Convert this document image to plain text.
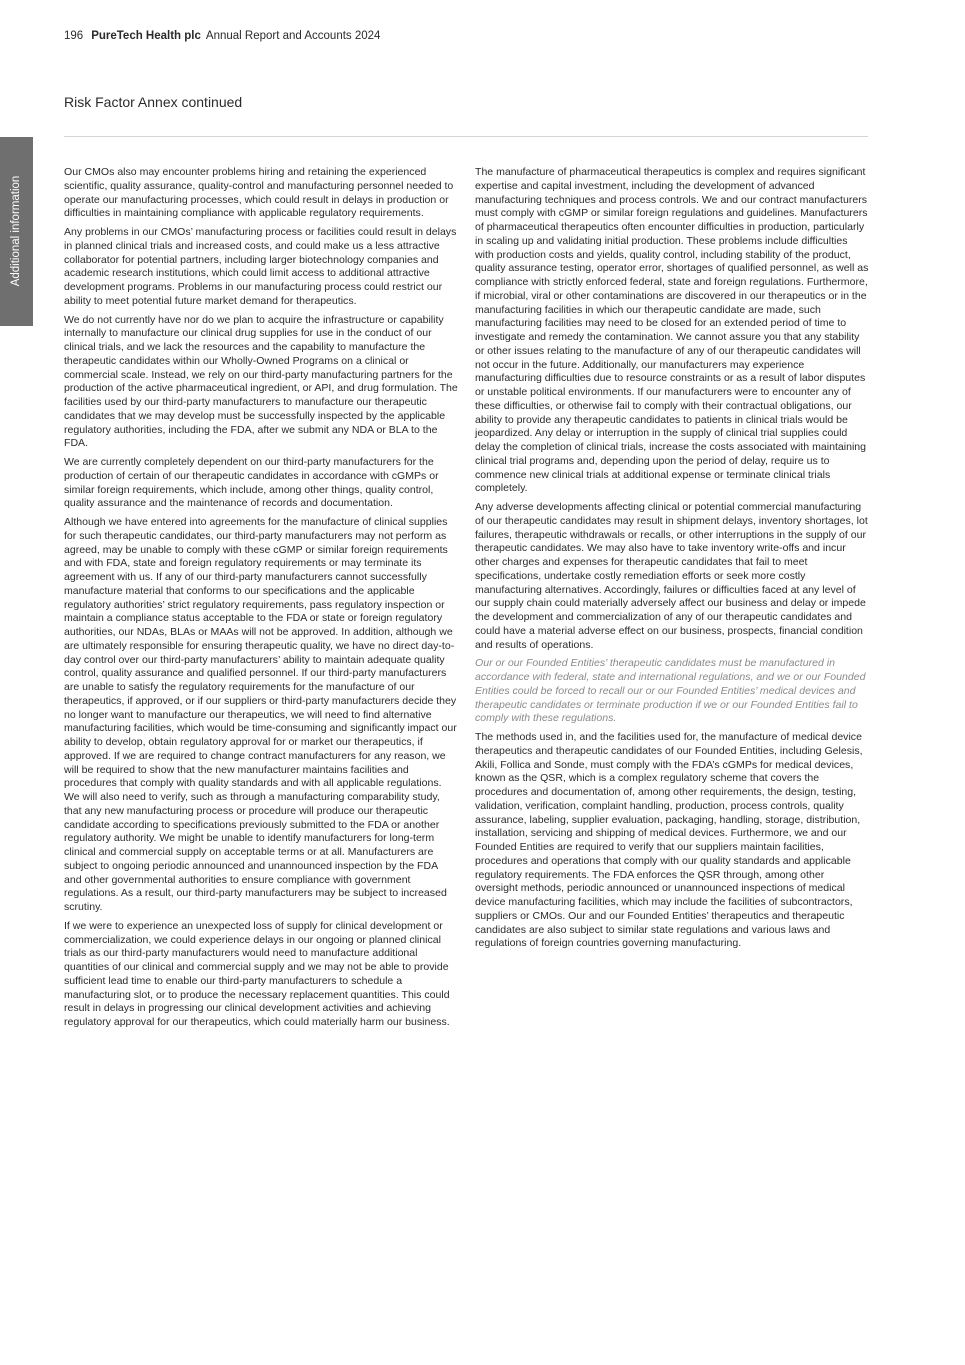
196 PureTech Health plc Annual Report and Accounts 2024
Risk Factor Annex continued
Additional information

Our CMOs also may encounter problems hiring and retaining the experienced scientific, quality assurance, quality-control and manufacturing personnel needed to operate our manufacturing processes, which could result in delays in production or difficulties in maintaining compliance with applicable regulatory requirements.

Any problems in our CMOs’ manufacturing process or facilities could result in delays in planned clinical trials and increased costs, and could make us a less attractive collaborator for potential partners, including larger biotechnology companies and academic research institutions, which could limit access to additional attractive development programs. Problems in our manufacturing process could restrict our ability to meet potential future market demand for therapeutics.

We do not currently have nor do we plan to acquire the infrastructure or capability internally to manufacture our clinical drug supplies for use in the conduct of our clinical trials, and we lack the resources and the capability to manufacture the therapeutic candidates within our Wholly-Owned Programs on a clinical or commercial scale. Instead, we rely on our third-party manufacturing partners for the production of the active pharmaceutical ingredient, or API, and drug formulation. The facilities used by our third-party manufacturers to manufacture our therapeutic candidates that we may develop must be successfully inspected by the applicable regulatory authorities, including the FDA, after we submit any NDA or BLA to the FDA.

We are currently completely dependent on our third-party manufacturers for the production of certain of our therapeutic candidates in accordance with cGMPs or similar foreign requirements, which include, among other things, quality control, quality assurance and the maintenance of records and documentation.

Although we have entered into agreements for the manufacture of clinical supplies for such therapeutic candidates, our third-party manufacturers may not perform as agreed, may be unable to comply with these cGMP or similar foreign requirements and with FDA, state and foreign regulatory requirements or may terminate its agreement with us. If any of our third-party manufacturers cannot successfully manufacture material that conforms to our specifications and the applicable regulatory authorities’ strict regulatory requirements, pass regulatory inspection or maintain a compliance status acceptable to the FDA or state or foreign regulatory authorities, our NDAs, BLAs or MAAs will not be approved. In addition, although we are ultimately responsible for ensuring therapeutic quality, we have no direct day-to-day control over our third-party manufacturers’ ability to maintain adequate quality control, quality assurance and qualified personnel. If our third-party manufacturers are unable to satisfy the regulatory requirements for the manufacture of our therapeutics, if approved, or if our suppliers or third-party manufacturers decide they no longer want to manufacture our therapeutics, we will need to find alternative manufacturing facilities, which would be time-consuming and significantly impact our ability to develop, obtain regulatory approval for or market our therapeutics, if approved. If we are required to change contract manufacturers for any reason, we will be required to show that the new manufacturer maintains facilities and procedures that comply with quality standards and with all applicable regulations. We will also need to verify, such as through a manufacturing comparability study, that any new manufacturing process or procedure will produce our therapeutic candidate according to specifications previously submitted to the FDA or another regulatory authority. We might be unable to identify manufacturers for long-term clinical and commercial supply on acceptable terms or at all. Manufacturers are subject to ongoing periodic announced and unannounced inspection by the FDA and other governmental authorities to ensure compliance with government regulations. As a result, our third-party manufacturers may be subject to increased scrutiny.

If we were to experience an unexpected loss of supply for clinical development or commercialization, we could experience delays in our ongoing or planned clinical trials as our third-party manufacturers would need to manufacture additional quantities of our clinical and commercial supply and we may not be able to provide sufficient lead time to enable our third-party manufacturers to schedule a manufacturing slot, or to produce the necessary replacement quantities. This could result in delays in progressing our clinical development activities and achieving regulatory approval for our therapeutics, which could materially harm our business.

The manufacture of pharmaceutical therapeutics is complex and requires significant expertise and capital investment, including the development of advanced manufacturing techniques and process controls. We and our contract manufacturers must comply with cGMP or similar foreign regulations and guidelines. Manufacturers of pharmaceutical therapeutics often encounter difficulties in production, particularly in scaling up and validating initial production. These problems include difficulties with production costs and yields, quality control, including stability of the product, quality assurance testing, operator error, shortages of qualified personnel, as well as compliance with strictly enforced federal, state and foreign regulations. Furthermore, if microbial, viral or other contaminations are discovered in our therapeutics or in the manufacturing facilities in which our therapeutic candidate are made, such manufacturing facilities may need to be closed for an extended period of time to investigate and remedy the contamination. We cannot assure you that any stability or other issues relating to the manufacture of any of our therapeutic candidates will not occur in the future. Additionally, our manufacturers may experience manufacturing difficulties due to resource constraints or as a result of labor disputes or unstable political environments. If our manufacturers were to encounter any of these difficulties, or otherwise fail to comply with their contractual obligations, our ability to provide any therapeutic candidates to patients in clinical trials would be jeopardized. Any delay or interruption in the supply of clinical trial supplies could delay the completion of clinical trials, increase the costs associated with maintaining clinical trial programs and, depending upon the period of delay, require us to commence new clinical trials at additional expense or terminate clinical trials completely.

Any adverse developments affecting clinical or potential commercial manufacturing of our therapeutic candidates may result in shipment delays, inventory shortages, lot failures, therapeutic withdrawals or recalls, or other interruptions in the supply of our therapeutic candidates. We may also have to take inventory write-offs and incur other charges and expenses for therapeutic candidates that fail to meet specifications, undertake costly remediation efforts or seek more costly manufacturing alternatives. Accordingly, failures or difficulties faced at any level of our supply chain could materially adversely affect our business and delay or impede the development and commercialization of any of our therapeutic candidates and could have a material adverse effect on our business, prospects, financial condition and results of operations.

Our or our Founded Entities’ therapeutic candidates must be manufactured in accordance with federal, state and international regulations, and we or our Founded Entities could be forced to recall our or our Founded Entities’ medical devices and therapeutic candidates or terminate production if we or our Founded Entities fail to comply with these regulations.

The methods used in, and the facilities used for, the manufacture of medical device therapeutics and therapeutic candidates of our Founded Entities, including Gelesis, Akili, Follica and Sonde, must comply with the FDA’s cGMPs for medical devices, known as the QSR, which is a complex regulatory scheme that covers the procedures and documentation of, among other requirements, the design, testing, validation, verification, complaint handling, production, process controls, quality assurance, labeling, supplier evaluation, packaging, handling, storage, distribution, installation, servicing and shipping of medical devices. Furthermore, we and our Founded Entities are required to verify that our suppliers maintain facilities, procedures and operations that comply with our quality standards and applicable regulatory requirements. The FDA enforces the QSR through, among other oversight methods, periodic announced or unannounced inspections of medical device manufacturing facilities, which may include the facilities of subcontractors, suppliers or CMOs. Our and our Founded Entities’ therapeutics and therapeutic candidates are also subject to similar state regulations and various laws and regulations of foreign countries governing manufacturing.
